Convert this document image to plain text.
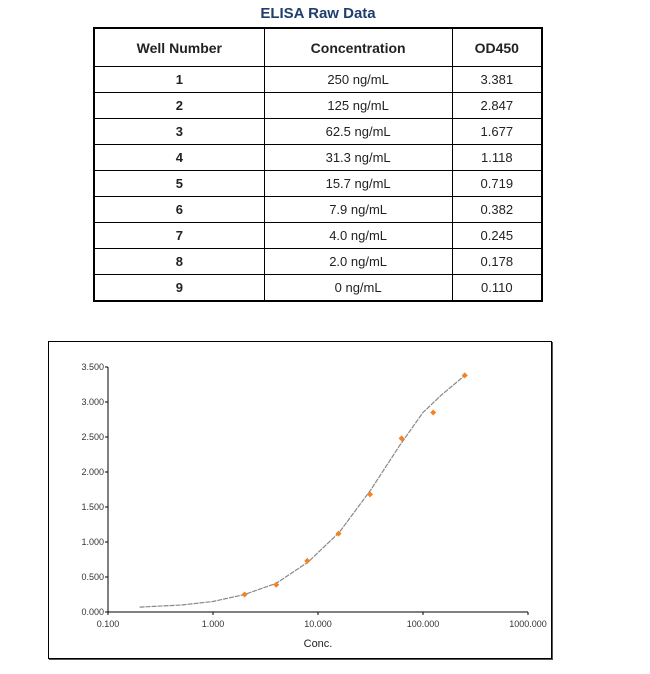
ELISA Raw Data
Well Number	Concentration	OD450
1	250 ng/mL	3.381
2	125 ng/mL	2.847
3	62.5 ng/mL	1.677
4	31.3 ng/mL	1.118
5	15.7 ng/mL	0.719
6	7.9 ng/mL	0.382
7	4.0 ng/mL	0.245
8	2.0 ng/mL	0.178
9	0 ng/mL	0.110
0.000
0.500
1.000
1.500
2.000
2.500
3.000
3.500
0.100	1.000	10.000	100.000	1000.000
Conc.
